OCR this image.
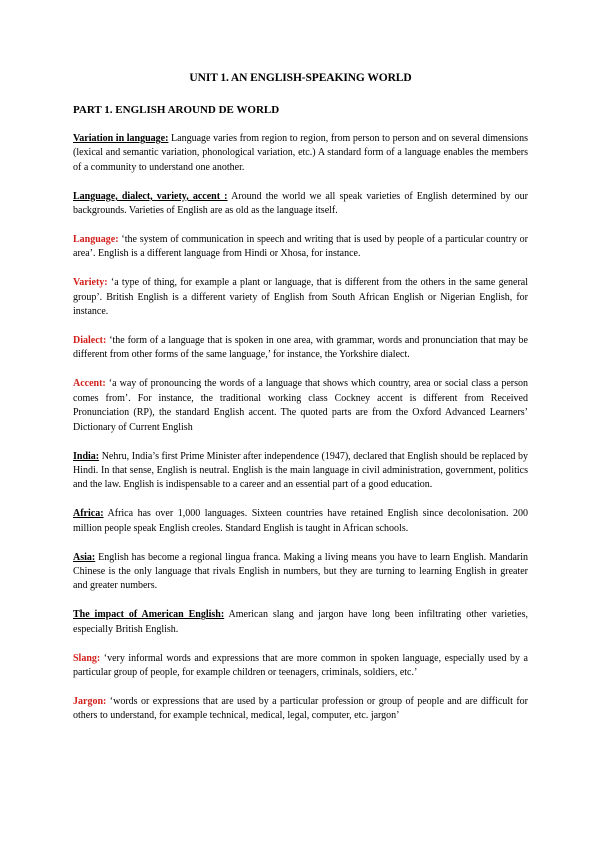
UNIT 1. AN ENGLISH-SPEAKING WORLD
PART 1. ENGLISH AROUND DE WORLD

Variation in language: Language varies from region to region, from person to person and on several dimensions (lexical and semantic variation, phonological variation, etc.) A standard form of a language enables the members of a community to understand one another.

Language, dialect, variety, accent : Around the world we all speak varieties of English determined by our backgrounds. Varieties of English are as old as the language itself.

Language: ‘the system of communication in speech and writing that is used by people of a particular country or area’. English is a different language from Hindi or Xhosa, for instance.

Variety: ‘a type of thing, for example a plant or language, that is different from the others in the same general group’. British English is a different variety of English from South African English or Nigerian English, for instance.

Dialect: ‘the form of a language that is spoken in one area, with grammar, words and pronunciation that may be different from other forms of the same language,’ for instance, the Yorkshire dialect.

Accent: ‘a way of pronouncing the words of a language that shows which country, area or social class a person comes from’. For instance, the traditional working class Cockney accent is different from Received Pronunciation (RP), the standard English accent. The quoted parts are from the Oxford Advanced Learners’ Dictionary of Current English

India: Nehru, India’s first Prime Minister after independence (1947), declared that English should be replaced by Hindi. In that sense, English is neutral. English is the main language in civil administration, government, politics and the law. English is indispensable to a career and an essential part of a good education.

Africa: Africa has over 1,000 languages. Sixteen countries have retained English since decolonisation. 200 million people speak English creoles. Standard English is taught in African schools.

Asia: English has become a regional lingua franca. Making a living means you have to learn English. Mandarin Chinese is the only language that rivals English in numbers, but they are turning to learning English in greater and greater numbers.

The impact of American English: American slang and jargon have long been infiltrating other varieties, especially British English.

Slang: ‘very informal words and expressions that are more common in spoken language, especially used by a particular group of people, for example children or teenagers, criminals, soldiers, etc.’

Jargon: ‘words or expressions that are used by a particular profession or group of people and are difficult for others to understand, for example technical, medical, legal, computer, etc. jargon’
